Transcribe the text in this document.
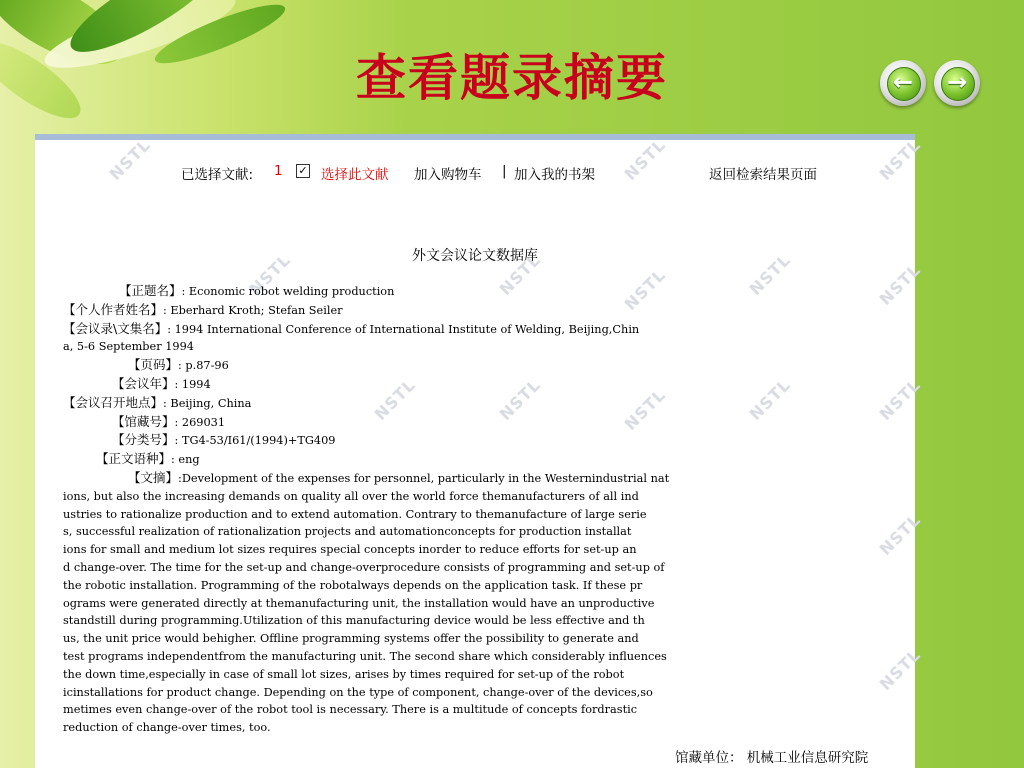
查看题录摘要	←	→
NSTL	NSTL	NSTL
NSTL	NSTL	NSTL	NSTL	NSTL
NSTL	NSTL	NSTL	NSTL	NSTL
NSTL
NSTL
已选择文献: 1 ✓ 选择此文献 加入购物车 | 加入我的书架	返回检索结果页面
外文会议论文数据库
【正题名】: Economic robot welding production
【个人作者姓名】: Eberhard Kroth; Stefan Seiler
【会议录\文集名】: 1994 International Conference of International Institute of Welding, Beijing,Chin
a, 5-6 September 1994
【页码】: p.87-96
【会议年】: 1994
【会议召开地点】: Beijing, China
【馆藏号】: 269031
【分类号】: TG4-53/I61/(1994)+TG409
【正文语种】: eng
【文摘】:Development of the expenses for personnel, particularly in the Westernindustrial nat
ions, but also the increasing demands on quality all over the world force themanufacturers of all ind
ustries to rationalize production and to extend automation. Contrary to themanufacture of large serie
s, successful realization of rationalization projects and automationconcepts for production installat
ions for small and medium lot sizes requires special concepts inorder to reduce efforts for set-up an
d change-over. The time for the set-up and change-overprocedure consists of programming and set-up of
the robotic installation. Programming of the robotalways depends on the application task. If these pr
ograms were generated directly at themanufacturing unit, the installation would have an unproductive
standstill during programming.Utilization of this manufacturing device would be less effective and th
us, the unit price would behigher. Offline programming systems offer the possibility to generate and
test programs independentfrom the manufacturing unit. The second share which considerably influences
the down time,especially in case of small lot sizes, arises by times required for set-up of the robot
icinstallations for product change. Depending on the type of component, change-over of the devices,so
metimes even change-over of the robot tool is necessary. There is a multitude of concepts fordrastic
reduction of change-over times, too.
馆藏单位： 机械工业信息研究院
